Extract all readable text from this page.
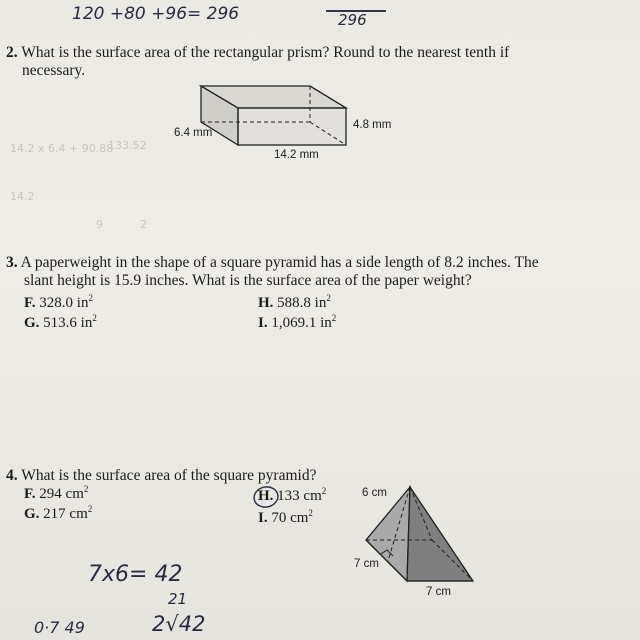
120 +80 +96= 296	296
2. What is the surface area of the rectangular prism? Round to the nearest tenth if
necessary.
6.4 mm
4.8 mm
14.2 mm
14.2 x 6.4 + 90.88
133.52
14.2
9	2
3. A paperweight in the shape of a square pyramid has a side length of 8.2 inches. The
slant height is 15.9 inches. What is the surface area of the paper weight?
F. 328.0 $in^2$	H. 588.8 $in^2$
G. 513.6 $in^2$	I. 1,069.1 $in^2$
4. What is the surface area of the square pyramid?
F. 294 $cm^2$	H. 133 $cm^2$
G. 217 $cm^2$
I. 70 $cm^2$
6 cm
7 cm
7 cm
7x6= 42
21
2√42
0·7 49
